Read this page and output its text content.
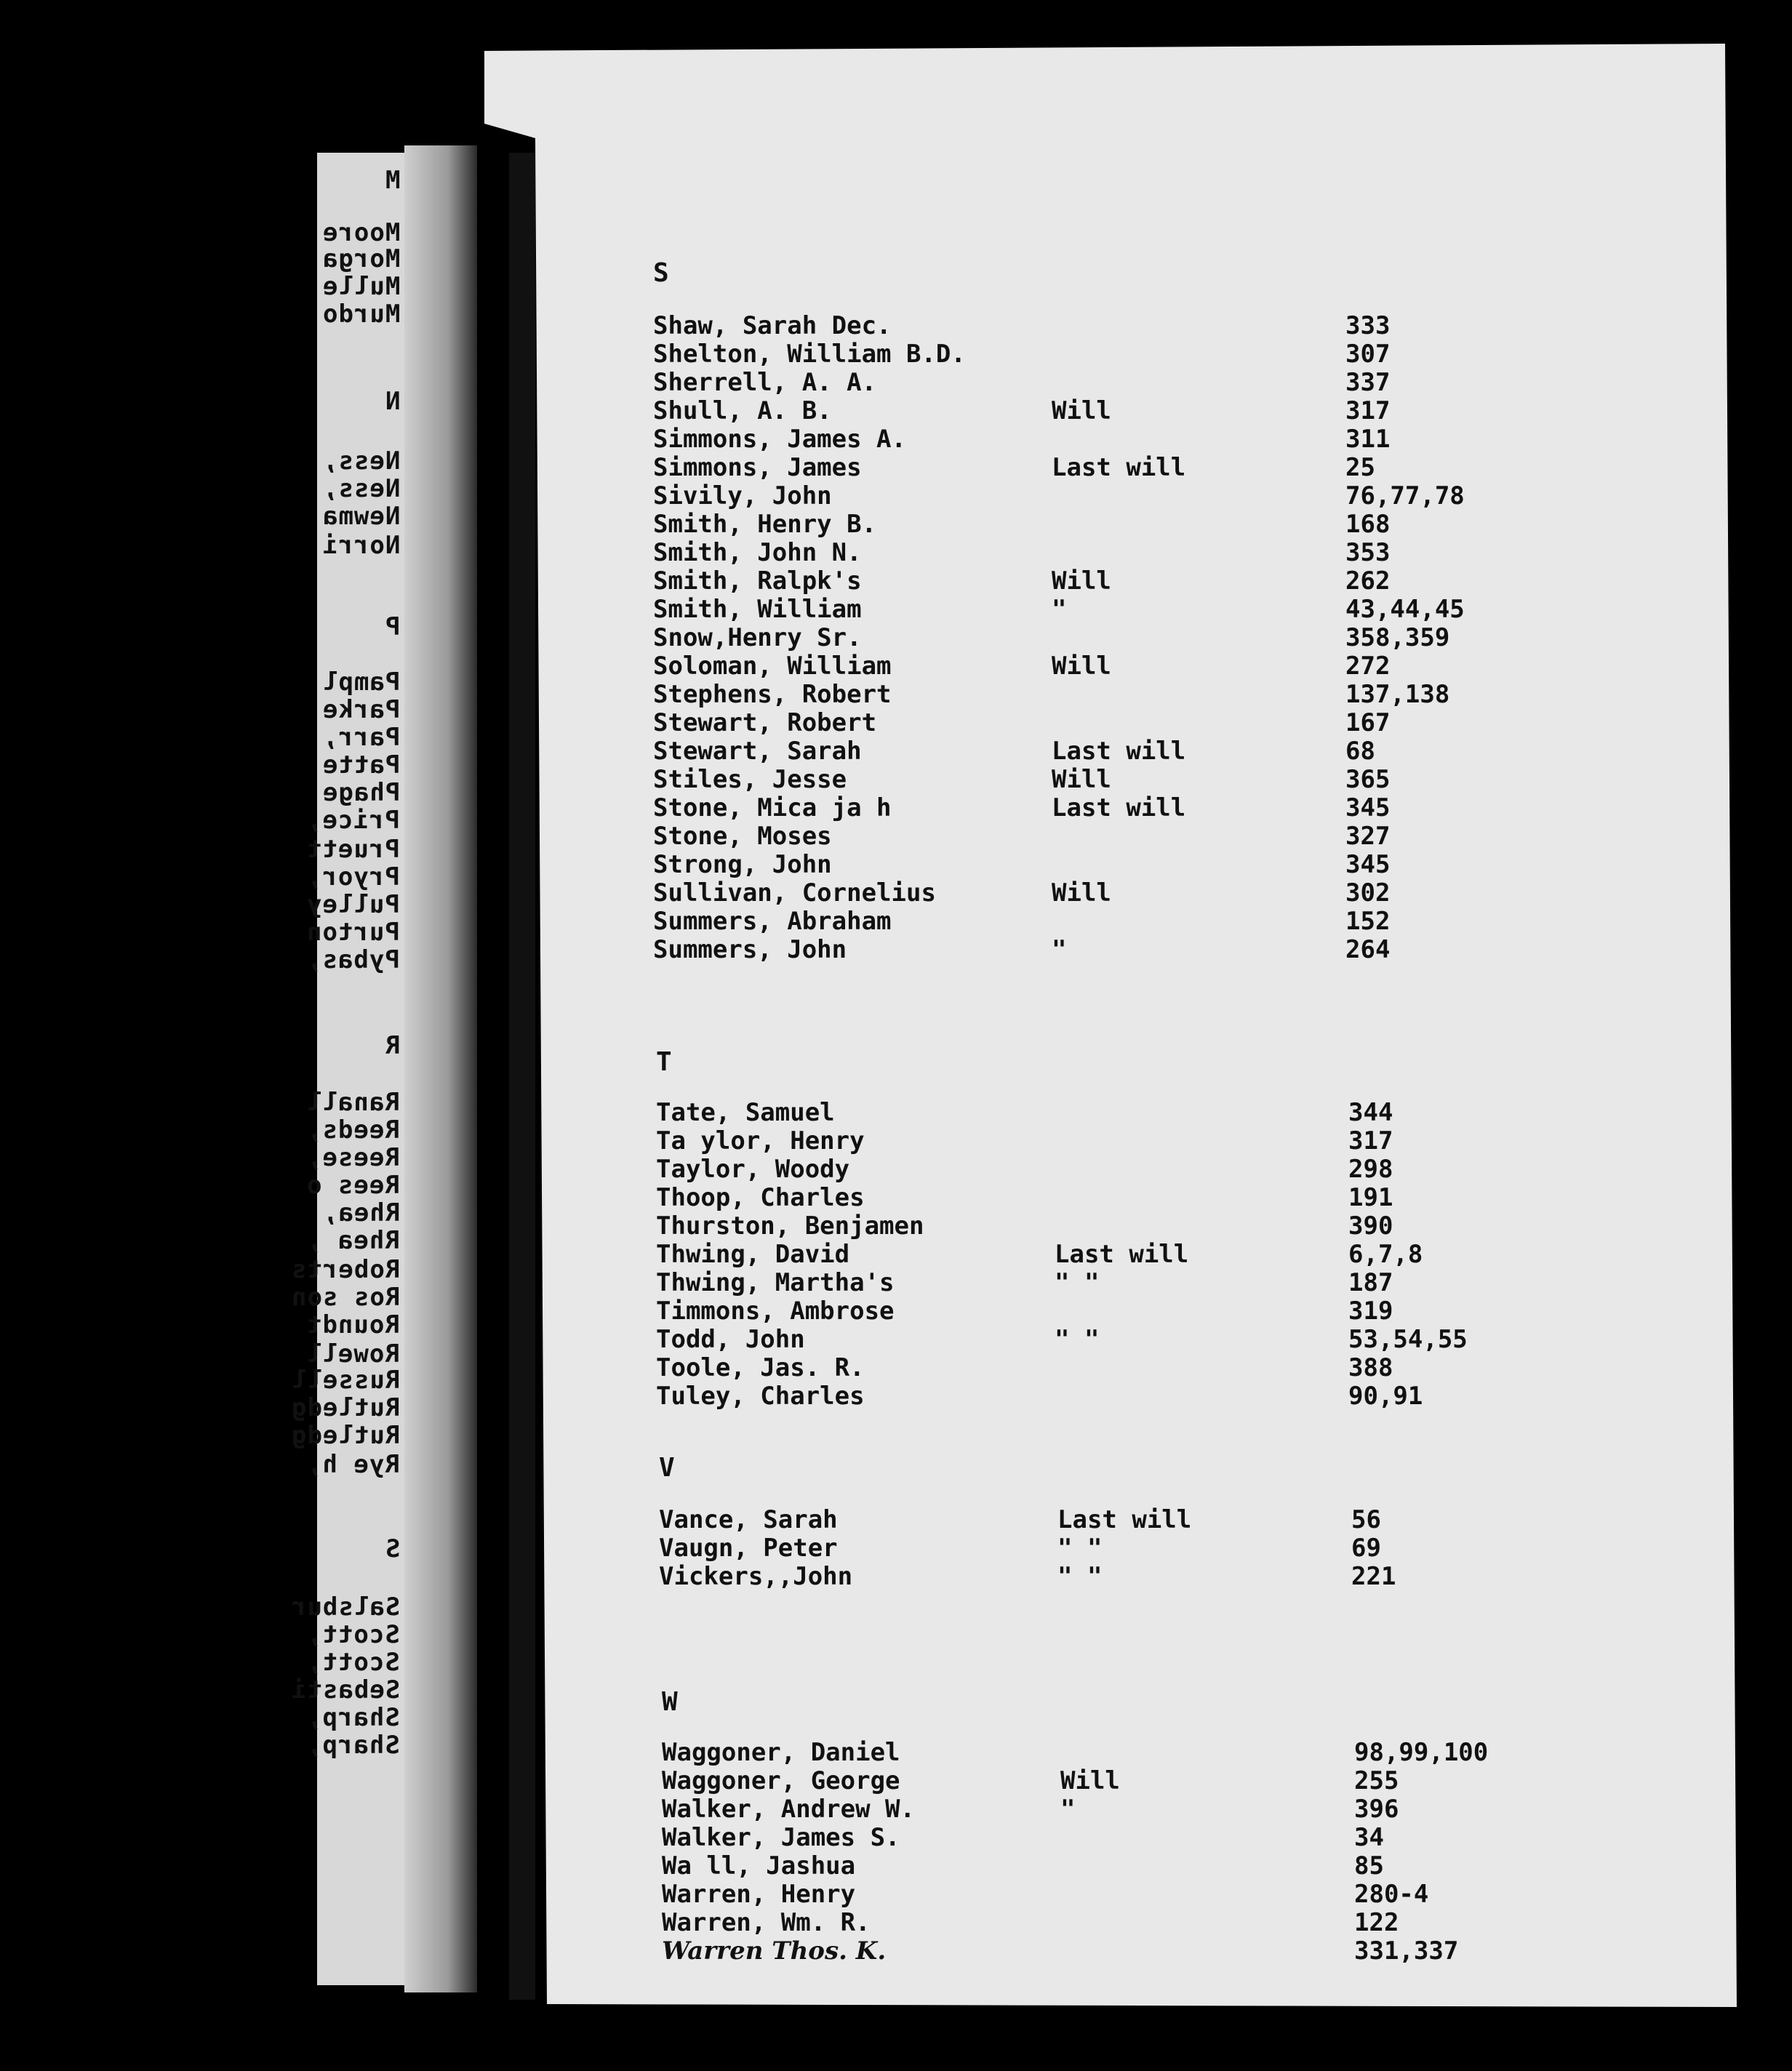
M
Moore
Morga
Mulle
Murdo
N
Ness,
Ness,
Newma
Norri
P
Pampl
Parke
Parr,
Patte
Phage
Price,
Pruett
Pryor,
Pulley
Purton
Pybas,
R
Ranall
Reeds,
Reese,
Rees o
Rhea,
Rhea ,
Roberts
Ros son
Roundt
Rowell
Russell
Rutledg
Rutledg
Rye h,
S
Salsbur
Scott,
Scott,
Sebasti
Sharp,
Sharp,
S
Shaw, Sarah Dec.	333
Shelton, William B.D.	307
Sherrell, A. A.	337
Shull, A. B.	Will	317
Simmons, James A.	311
Simmons, James	Last will	25
Sivily, John	76,77,78
Smith, Henry B.	168
Smith, John N.	353
Smith, Ralpk's	Will	262
Smith, William	"	43,44,45
Snow,Henry Sr.	358,359
Soloman, William	Will	272
Stephens, Robert	137,138
Stewart, Robert	167
Stewart, Sarah	Last will	68
Stiles, Jesse	Will	365
Stone, Mica ja h	Last will	345
Stone, Moses	327
Strong, John	345
Sullivan, Cornelius	Will	302
Summers, Abraham	152
Summers, John	"	264
T
Tate, Samuel	344
Ta ylor, Henry	317
Taylor, Woody	298
Thoop, Charles	191
Thurston, Benjamen	390
Thwing, David	Last will	6,7,8
Thwing, Martha's	" "	187
Timmons, Ambrose	319
Todd, John	" "	53,54,55
Toole, Jas. R.	388
Tuley, Charles	90,91
V
Vance, Sarah	Last will	56
Vaugn, Peter	" "	69
Vickers,,John	" "	221
W
Waggoner, Daniel	98,99,100
Waggoner, George	Will	255
Walker, Andrew W.	"	396
Walker, James S.	34
Wa ll, Jashua	85
Warren, Henry	280-4
Warren, Wm. R.	122
Warren Thos. K.	331,337
